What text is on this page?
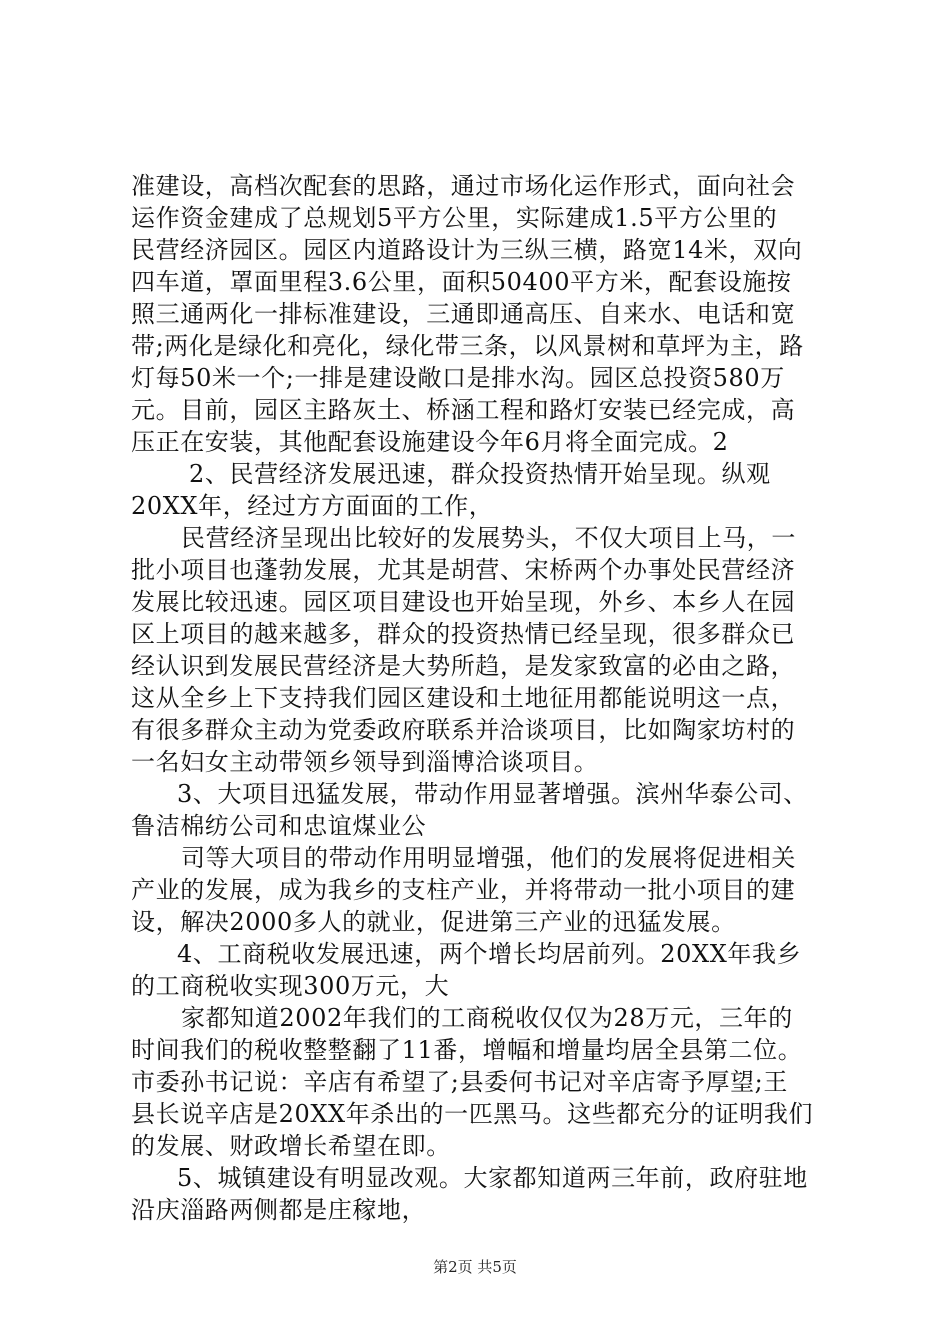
准建设，高档次配套的思路，通过市场化运作形式，面向社会
运作资金建成了总规划5平方公里，实际建成1.5平方公里的
民营经济园区。园区内道路设计为三纵三横，路宽14米，双向
四车道，罩面里程3.6公里，面积50400平方米，配套设施按
照三通两化一排标准建设，三通即通高压、自来水、电话和宽
带;两化是绿化和亮化，绿化带三条，以风景树和草坪为主，路
灯每50米一个;一排是建设敞口是排水沟。园区总投资580万
元。目前，园区主路灰土、桥涵工程和路灯安装已经完成，高
压正在安装，其他配套设施建设今年6月将全面完成。2
2、民营经济发展迅速，群众投资热情开始呈现。纵观
20XX年，经过方方面面的工作，
民营经济呈现出比较好的发展势头，不仅大项目上马，一
批小项目也蓬勃发展，尤其是胡营、宋桥两个办事处民营经济
发展比较迅速。园区项目建设也开始呈现，外乡、本乡人在园
区上项目的越来越多，群众的投资热情已经呈现，很多群众已
经认识到发展民营经济是大势所趋，是发家致富的必由之路，
这从全乡上下支持我们园区建设和土地征用都能说明这一点，
有很多群众主动为党委政府联系并洽谈项目，比如陶家坊村的
一名妇女主动带领乡领导到淄博洽谈项目。
3、大项目迅猛发展，带动作用显著增强。滨州华泰公司、
鲁洁棉纺公司和忠谊煤业公
司等大项目的带动作用明显增强，他们的发展将促进相关
产业的发展，成为我乡的支柱产业，并将带动一批小项目的建
设，解决2000多人的就业，促进第三产业的迅猛发展。
4、工商税收发展迅速，两个增长均居前列。20XX年我乡
的工商税收实现300万元，大
家都知道2002年我们的工商税收仅仅为28万元，三年的
时间我们的税收整整翻了11番，增幅和增量均居全县第二位。
市委孙书记说：辛店有希望了;县委何书记对辛店寄予厚望;王
县长说辛店是20XX年杀出的一匹黑马。这些都充分的证明我们
的发展、财政增长希望在即。
5、城镇建设有明显改观。大家都知道两三年前，政府驻地
沿庆淄路两侧都是庄稼地，
第2页 共5页
